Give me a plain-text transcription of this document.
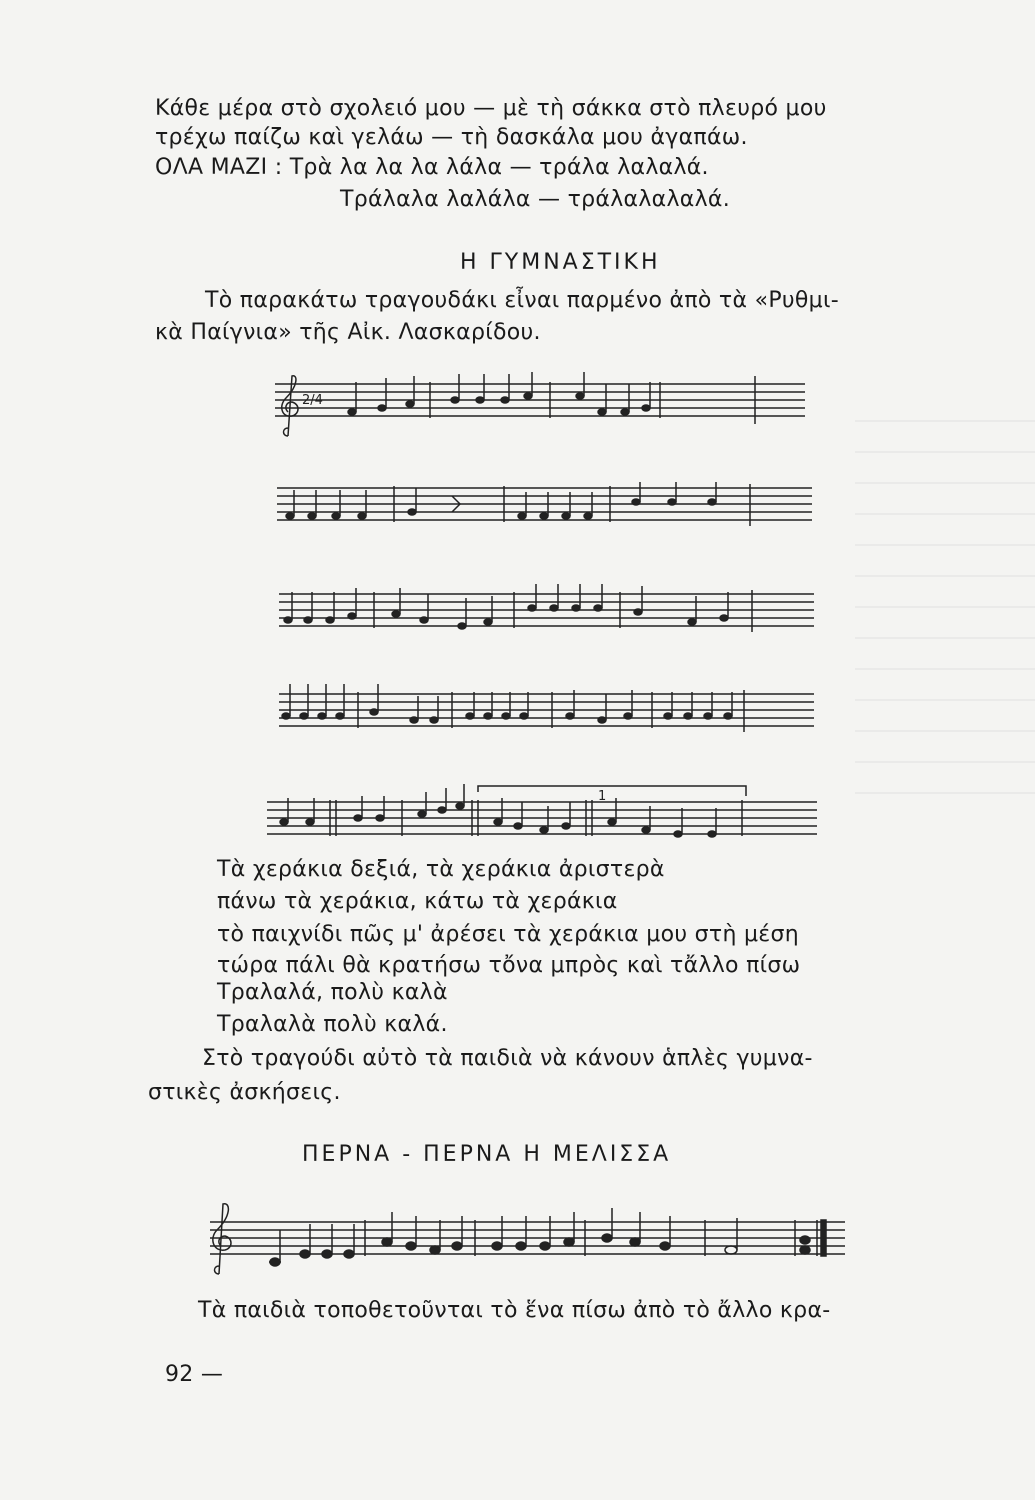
Κάθε μέρα στὸ σχολειό μου — μὲ τὴ σάκκα στὸ πλευρό μου
τρέχω παίζω καὶ γελάω — τὴ δασκάλα μου ἀγαπάω.
ΟΛΑ ΜΑΖΙ : Τρὰ λα λα λα λάλα — τράλα λαλαλά.
Τράλαλα λαλάλα — τράλαλαλαλά.
Η ΓΥΜΝΑΣΤΙΚΗ
Τὸ παρακάτω τραγουδάκι εἶναι παρμένο ἀπὸ τὰ «Ρυθμι-
κὰ Παίγνια» τῆς Αἰκ. Λασκαρίδου.
2/4
1
Τὰ χεράκια δεξιά, τὰ χεράκια ἀριστερὰ
πάνω τὰ χεράκια, κάτω τὰ χεράκια
τὸ παιχνίδι πῶς μ' ἀρέσει τὰ χεράκια μου στὴ μέση
τώρα πάλι θὰ κρατήσω τὄνα μπρὸς καὶ τἄλλο πίσω
Τραλαλά, πολὺ καλὰ
Τραλαλὰ πολὺ καλά.
Στὸ τραγούδι αὐτὸ τὰ παιδιὰ νὰ κάνουν ἁπλὲς γυμνα-
στικὲς ἀσκήσεις.
ΠΕΡΝΑ - ΠΕΡΝΑ Η ΜΕΛΙΣΣΑ
Τὰ παιδιὰ τοποθετοῦνται τὸ ἕνα πίσω ἀπὸ τὸ ἄλλο κρα-
92 —
